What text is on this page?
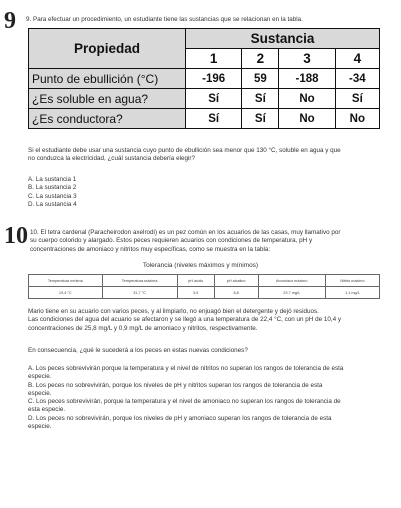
9 9. Para efectuar un procedimiento, un estudiante tiene las sustancias que se relacionan en la tabla.
Propiedad	Sustancia			
	1	2	3	4
Punto de ebullición (°C)	-196	59	-188	-34
¿Es soluble en agua?	Sí	Sí	No	Sí
¿Es conductora?	Sí	Sí	No	No
Si el estudiante debe usar una sustancia cuyo punto de ebullición sea menor que 130 °C, soluble en agua y que
no conduzca la electricidad, ¿cuál sustancia debería elegir?
A. La sustancia 1
B. La sustancia 2
C. La sustancia 3
D. La sustancia 4
10 10. El tetra cardenal (Paracheirodon axelrodi) es un pez común en los acuarios de las casas, muy llamativo por
su cuerpo colorido y alargado. Estos peces requieren acuarios con condiciones de temperatura, pH y
concentraciones de amoniaco y nitritos muy específicas, como se muestra en la tabla:
Tolerancia (niveles máximos y mínimos)
Temperatura mínima	Temperatura máxima	pH ácido	pH alcalino	Amoníaco máximo	Nitrito máximo
19,4 °C	31,7 °C	3,9	8,8	23,7 mg/L	1,1 mg/L
Mario tiene en su acuario con varios peces, y al limpiarlo, no enjuagó bien el detergente y dejó residuos.
Las condiciones del agua del acuario se afectaron y se llegó a una temperatura de 22,4 °C, con un pH de 10,4 y
concentraciones de 25,8 mg/L y 0,9 mg/L de amoniaco y nitritos, respectivamente.
En consecuencia, ¿qué le sucederá a los peces en estas nuevas condiciones?
A. Los peces sobrevivirán porque la temperatura y el nivel de nitritos no superan los rangos de tolerancia de esta
especie.
B. Los peces no sobrevivirán, porque los niveles de pH y nitritos superan los rangos de tolerancia de esta
especie.
C. Los peces sobrevivirán, porque la temperatura y el nivel de amoniaco no superan los rangos de tolerancia de
esta especie.
D. Los peces no sobrevivirán, porque los niveles de pH y amoniaco superan los rangos de tolerancia de esta
especie.
